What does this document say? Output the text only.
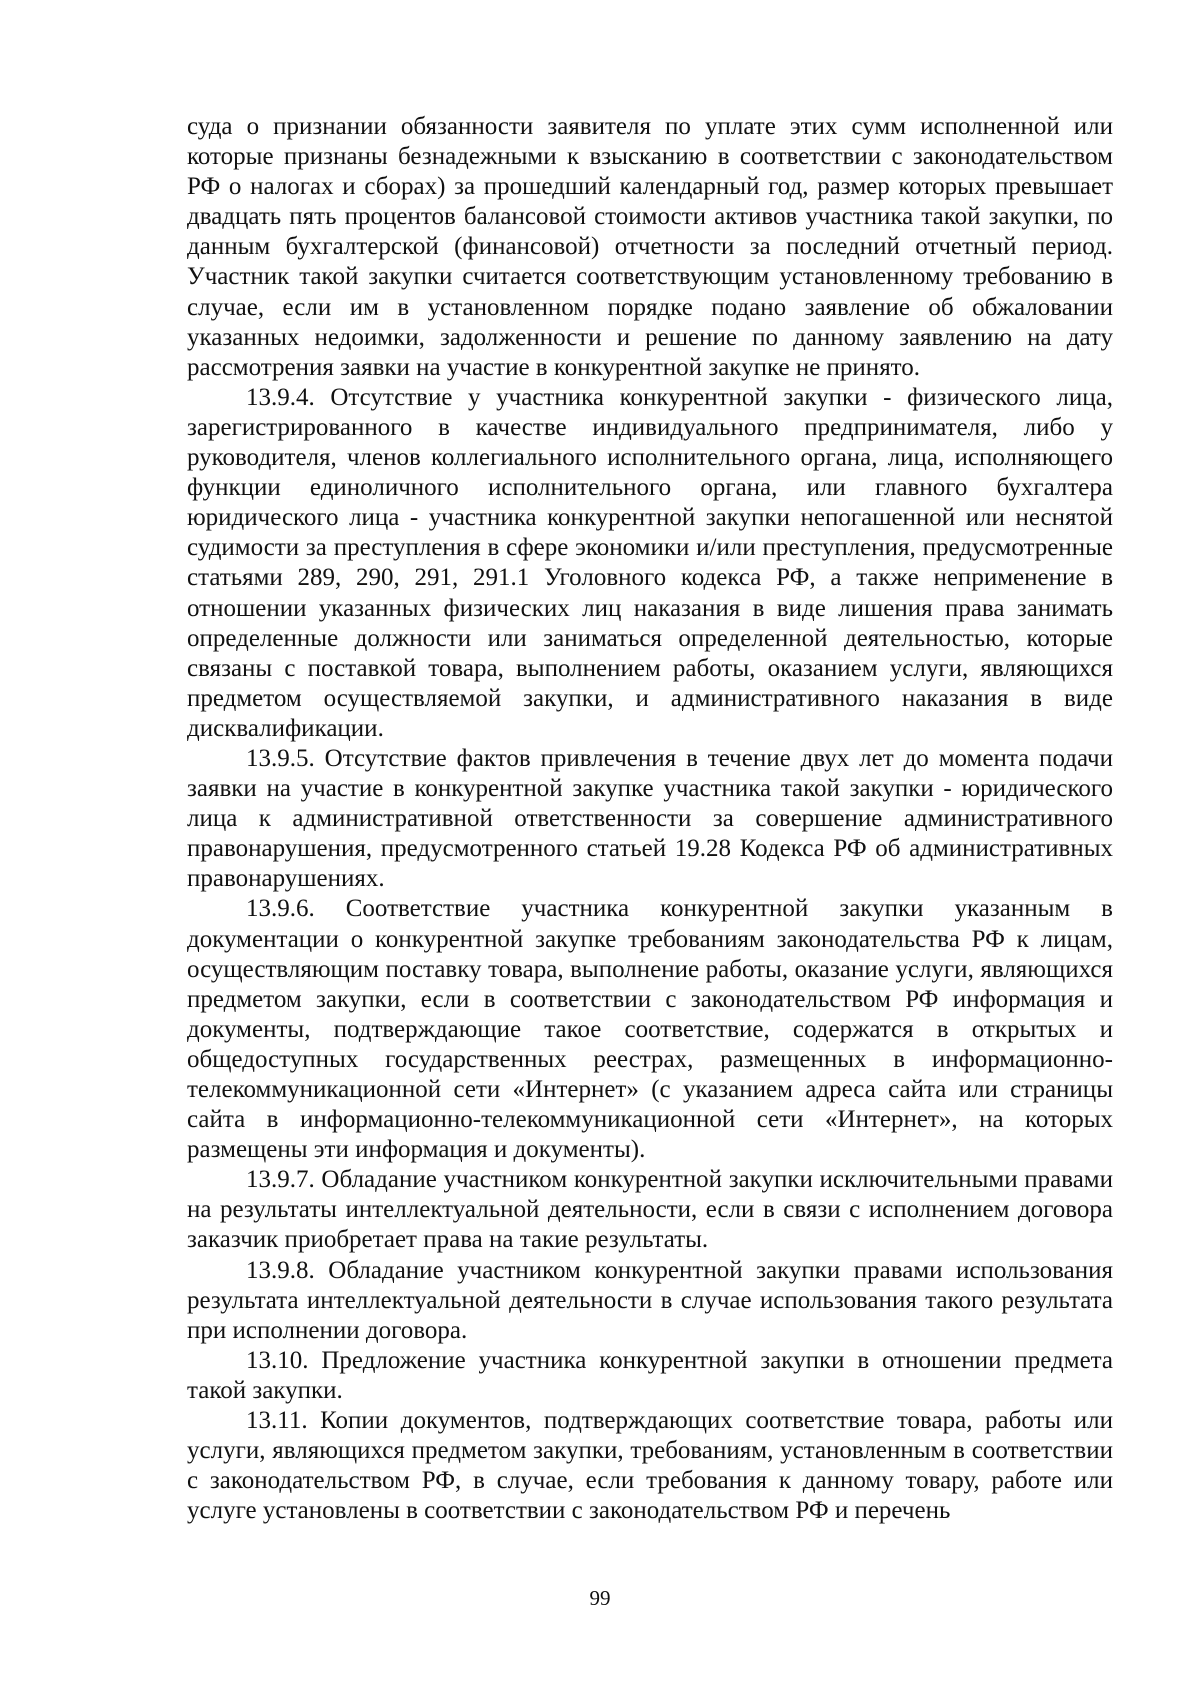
суда о признании обязанности заявителя по уплате этих сумм исполненной или которые признаны безнадежными к взысканию в соответствии с законодательством РФ о налогах и сборах) за прошедший календарный год, размер которых превышает двадцать пять процентов балансовой стоимости активов участника такой закупки, по данным бухгалтерской (финансовой) отчетности за последний отчетный период. Участник такой закупки считается соответствующим установленному требованию в случае, если им в установленном порядке подано заявление об обжаловании указанных недоимки, задолженности и решение по данному заявлению на дату рассмотрения заявки на участие в конкурентной закупке не принято.

13.9.4. Отсутствие у участника конкурентной закупки - физического лица, зарегистрированного в качестве индивидуального предпринимателя, либо у руководителя, членов коллегиального исполнительного органа, лица, исполняющего функции единоличного исполнительного органа, или главного бухгалтера юридического лица - участника конкурентной закупки непогашенной или неснятой судимости за преступления в сфере экономики и/или преступления, предусмотренные статьями 289, 290, 291, 291.1 Уголовного кодекса РФ, а также неприменение в отношении указанных физических лиц наказания в виде лишения права занимать определенные должности или заниматься определенной деятельностью, которые связаны с поставкой товара, выполнением работы, оказанием услуги, являющихся предметом осуществляемой закупки, и административного наказания в виде дисквалификации.

13.9.5. Отсутствие фактов привлечения в течение двух лет до момента подачи заявки на участие в конкурентной закупке участника такой закупки - юридического лица к административной ответственности за совершение административного правонарушения, предусмотренного статьей 19.28 Кодекса РФ об административных правонарушениях.

13.9.6. Соответствие участника конкурентной закупки указанным в документации о конкурентной закупке требованиям законодательства РФ к лицам, осуществляющим поставку товара, выполнение работы, оказание услуги, являющихся предметом закупки, если в соответствии с законодательством РФ информация и документы, подтверждающие такое соответствие, содержатся в открытых и общедоступных государственных реестрах, размещенных в информационно-телекоммуникационной сети «Интернет» (с указанием адреса сайта или страницы сайта в информационно-телекоммуникационной сети «Интернет», на которых размещены эти информация и документы).

13.9.7. Обладание участником конкурентной закупки исключительными правами на результаты интеллектуальной деятельности, если в связи с исполнением договора заказчик приобретает права на такие результаты.

13.9.8. Обладание участником конкурентной закупки правами использования результата интеллектуальной деятельности в случае использования такого результата при исполнении договора.

13.10. Предложение участника конкурентной закупки в отношении предмета такой закупки.

13.11. Копии документов, подтверждающих соответствие товара, работы или услуги, являющихся предметом закупки, требованиям, установленным в соответствии с законодательством РФ, в случае, если требования к данному товару, работе или услуге установлены в соответствии с законодательством РФ и перечень

99
